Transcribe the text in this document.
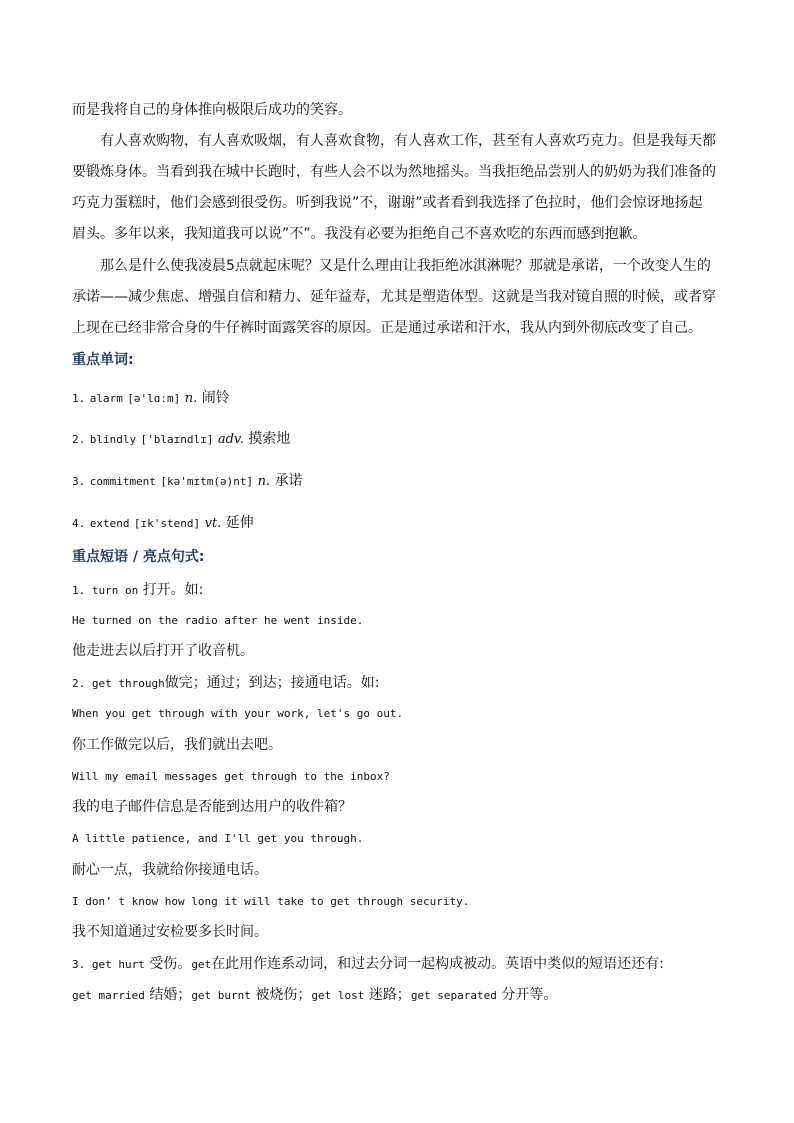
而是我将自己的身体推向极限后成功的笑容。
有人喜欢购物，有人喜欢吸烟，有人喜欢食物，有人喜欢工作，甚至有人喜欢巧克力。但是我每天都
要锻炼身体。当看到我在城中长跑时，有些人会不以为然地摇头。当我拒绝品尝别人的奶奶为我们准备的
巧克力蛋糕时，他们会感到很受伤。听到我说”不，谢谢”或者看到我选择了色拉时，他们会惊讶地扬起
眉头。多年以来，我知道我可以说”不”。我没有必要为拒绝自己不喜欢吃的东西而感到抱歉。
那么是什么使我凌晨5点就起床呢？又是什么理由让我拒绝冰淇淋呢？那就是承诺，一个改变人生的
承诺——减少焦虑、增强自信和精力、延年益寿，尤其是塑造体型。这就是当我对镜自照的时候，或者穿
上现在已经非常合身的牛仔裤时面露笑容的原因。正是通过承诺和汗水，我从内到外彻底改变了自己。
重点单词:
1. alarm [ə'lɑːm] n. 闹铃
2. blindly ['blaɪndlɪ] adv. 摸索地
3. commitment [kə'mɪtm(ə)nt] n. 承诺
4. extend [ɪk'stend] vt. 延伸
重点短语 / 亮点句式:
1. turn on 打开。如:
He turned on the radio after he went inside.
他走进去以后打开了收音机。
2. get through做完；通过；到达；接通电话。如:
When you get through with your work, let's go out.
你工作做完以后，我们就出去吧。
Will my email messages get through to the inbox?
我的电子邮件信息是否能到达用户的收件箱？
A little patience, and I'll get you through.
耐心一点，我就给你接通电话。
I don’ t know how long it will take to get through security.
我不知道通过安检要多长时间。
3. get hurt 受伤。get在此用作连系动词，和过去分词一起构成被动。英语中类似的短语还还有:
get married 结婚；get burnt 被烧伤；get lost 迷路；get separated 分开等。
